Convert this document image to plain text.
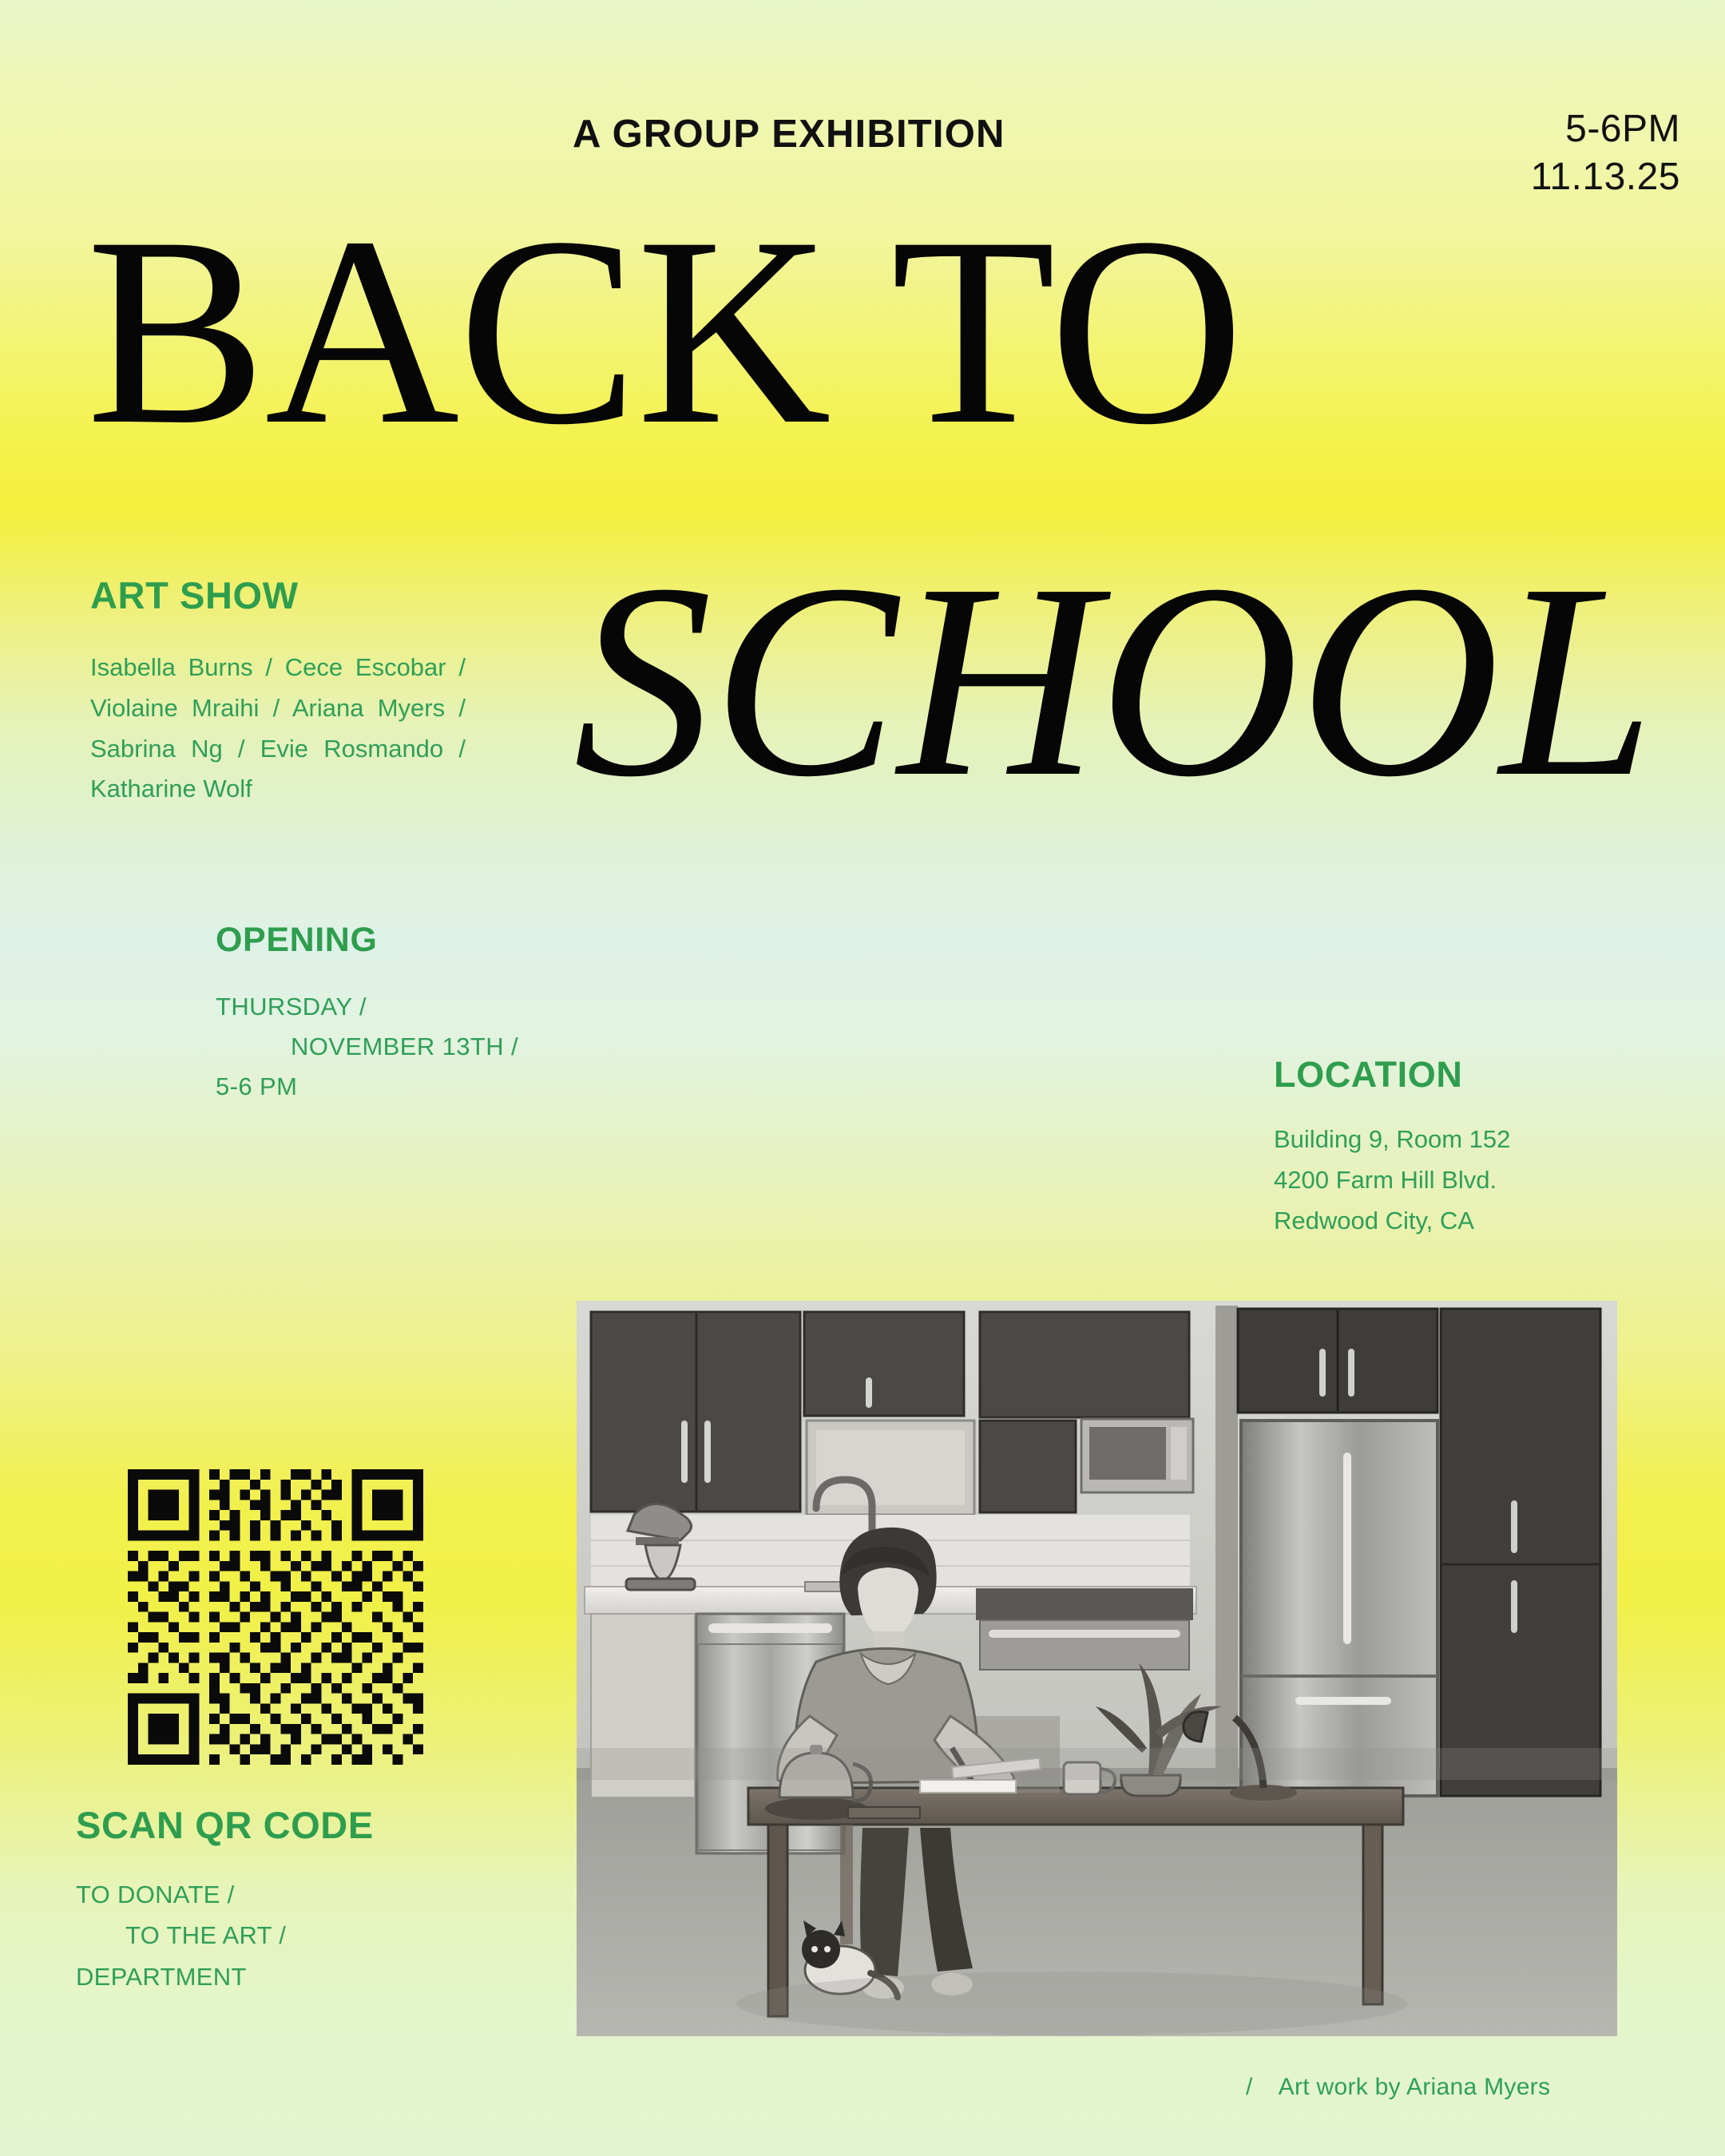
A GROUP EXHIBITION	5-6PM
11.13.25
BACK TO
SCHOOL
ART SHOW
Isabella Burns / Cece Escobar / Violaine Mraihi / Ariana Myers / Sabrina Ng / Evie Rosmando / Katharine Wolf
OPENING
THURSDAY /
NOVEMBER 13TH /
5-6 PM	LOCATION
Building 9, Room 152
4200 Farm Hill Blvd.
Redwood City, CA
SCAN QR CODE
TO DONATE /
TO THE ART /
DEPARTMENT
/ Art work by Ariana Myers
